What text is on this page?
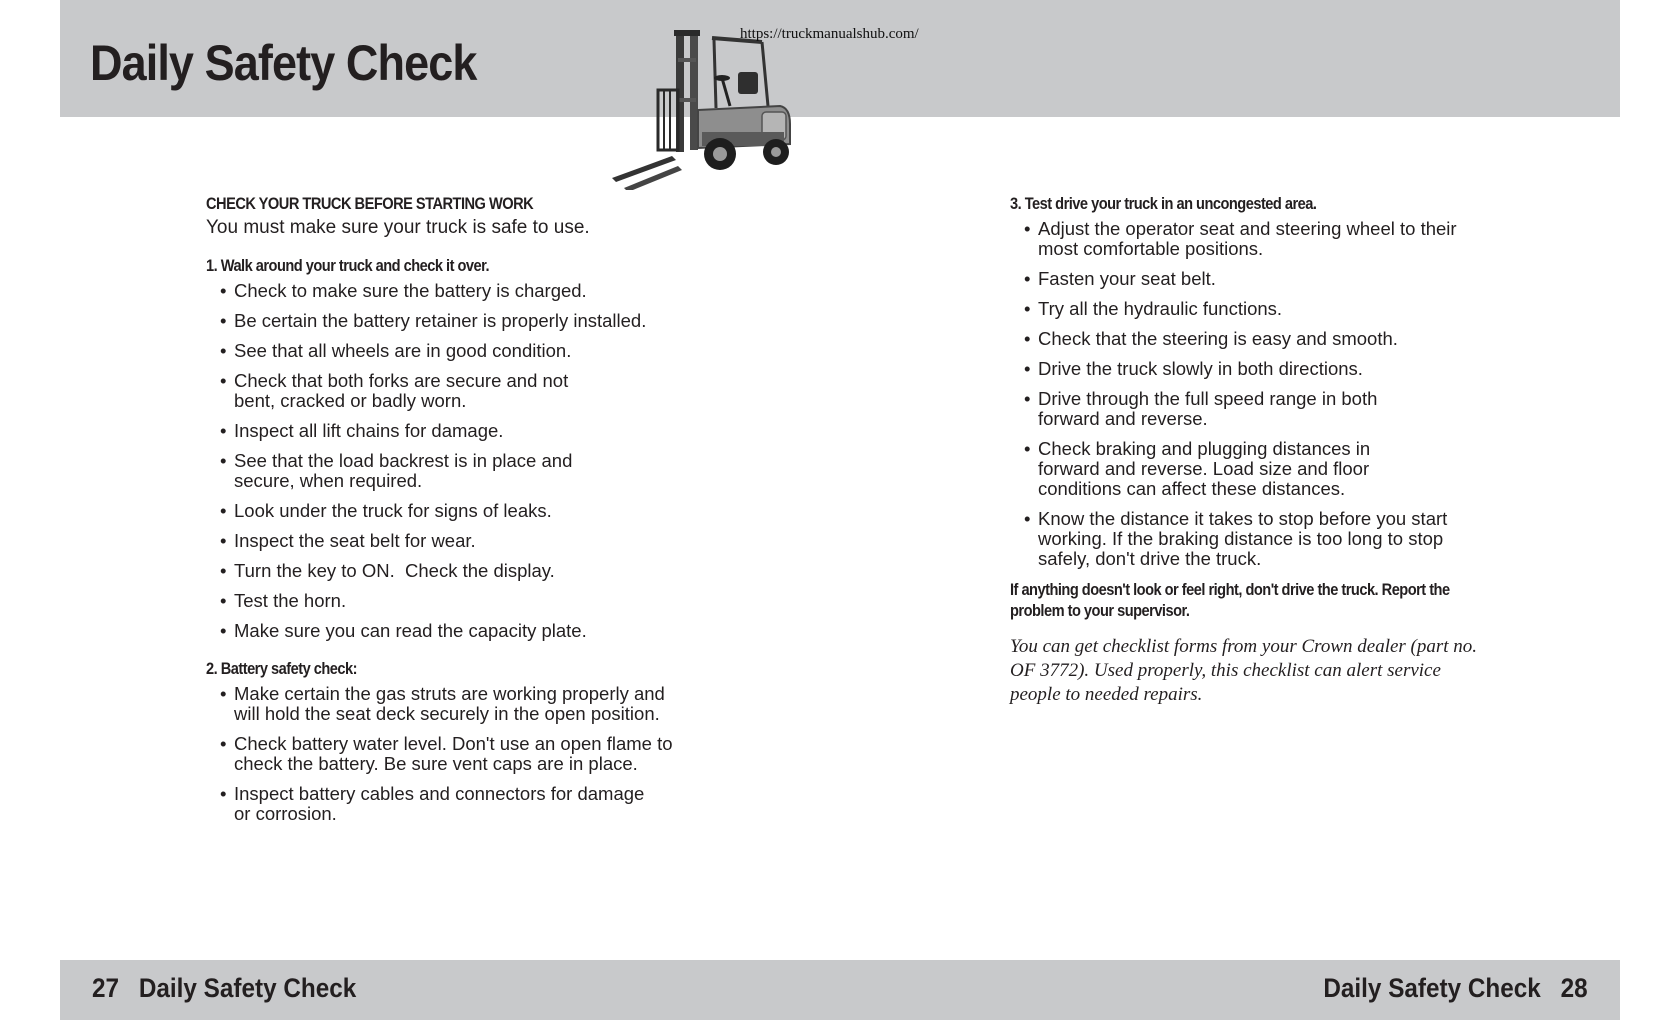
Daily Safety Check
https://truckmanualshub.com/

CHECK YOUR TRUCK BEFORE STARTING WORK

You must make sure your truck is safe to use.

1. Walk around your truck and check it over.

• Check to make sure the battery is charged.
• Be certain the battery retainer is properly installed.
• See that all wheels are in good condition.
• Check that both forks are secure and not bent, cracked or badly worn.
• Inspect all lift chains for damage.
• See that the load backrest is in place and secure, when required.
• Look under the truck for signs of leaks.
• Inspect the seat belt for wear.
• Turn the key to ON.  Check the display.
• Test the horn.
• Make sure you can read the capacity plate.

2. Battery safety check:

• Make certain the gas struts are working properly and will hold the seat deck securely in the open position.
• Check battery water level. Don't use an open flame to check the battery. Be sure vent caps are in place.
• Inspect battery cables and connectors for damage or corrosion.

3. Test drive your truck in an uncongested area.

• Adjust the operator seat and steering wheel to their most comfortable positions.
• Fasten your seat belt.
• Try all the hydraulic functions.
• Check that the steering is easy and smooth.
• Drive the truck slowly in both directions.
• Drive through the full speed range in both forward and reverse.
• Check braking and plugging distances in forward and reverse. Load size and floor conditions can affect these distances.
• Know the distance it takes to stop before you start working. If the braking distance is too long to stop safely, don't drive the truck.

If anything doesn't look or feel right, don't drive the truck. Report the problem to your supervisor.

You can get checklist forms from your Crown dealer (part no. OF 3772). Used properly, this checklist can alert service people to needed repairs.

27 Daily Safety Check	Daily Safety Check 28
